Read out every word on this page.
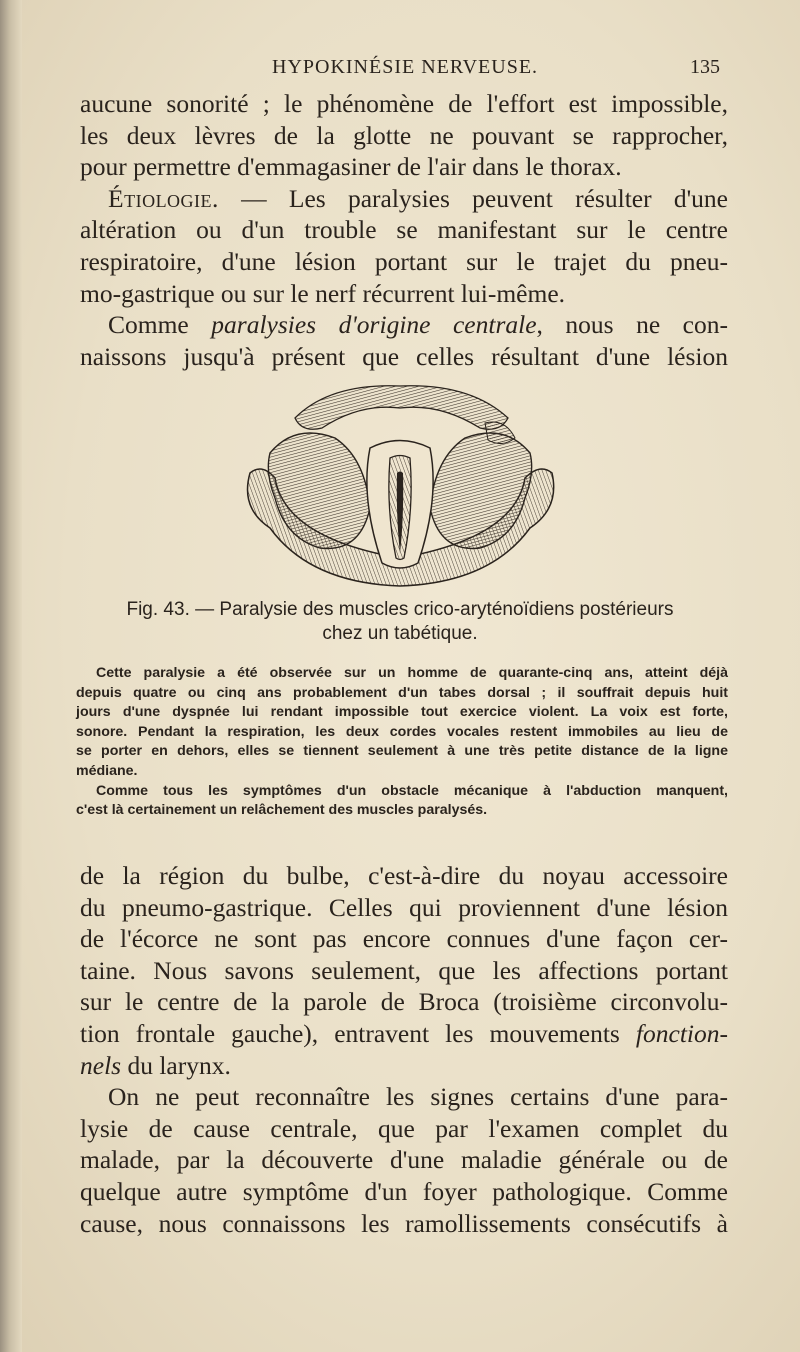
HYPOKINÉSIE NERVEUSE.	135
aucune sonorité ; le phénomène de l'effort est impossible,
les deux lèvres de la glotte ne pouvant se rapprocher,
pour permettre d'emmagasiner de l'air dans le thorax.
Étiologie. — Les paralysies peuvent résulter d'une
altération ou d'un trouble se manifestant sur le centre
respiratoire, d'une lésion portant sur le trajet du pneu-
mo-gastrique ou sur le nerf récurrent lui-même.
Comme paralysies d'origine centrale, nous ne con-
naissons jusqu'à présent que celles résultant d'une lésion
Fig. 43. — Paralysie des muscles crico-aryténoïdiens postérieurs
chez un tabétique.

Cette paralysie a été observée sur un homme de quarante-cinq ans, atteint déjà
depuis quatre ou cinq ans probablement d'un tabes dorsal ; il souffrait depuis huit
jours d'une dyspnée lui rendant impossible tout exercice violent. La voix est forte,
sonore. Pendant la respiration, les deux cordes vocales restent immobiles au lieu de
se porter en dehors, elles se tiennent seulement à une très petite distance de la ligne
médiane.

Comme tous les symptômes d'un obstacle mécanique à l'abduction manquent,
c'est là certainement un relâchement des muscles paralysés.

de la région du bulbe, c'est-à-dire du noyau accessoire
du pneumo-gastrique. Celles qui proviennent d'une lésion
de l'écorce ne sont pas encore connues d'une façon cer-
taine. Nous savons seulement, que les affections portant
sur le centre de la parole de Broca (troisième circonvolu-
tion frontale gauche), entravent les mouvements fonction-
nels du larynx.
On ne peut reconnaître les signes certains d'une para-
lysie de cause centrale, que par l'examen complet du
malade, par la découverte d'une maladie générale ou de
quelque autre symptôme d'un foyer pathologique. Comme
cause, nous connaissons les ramollissements consécutifs à
